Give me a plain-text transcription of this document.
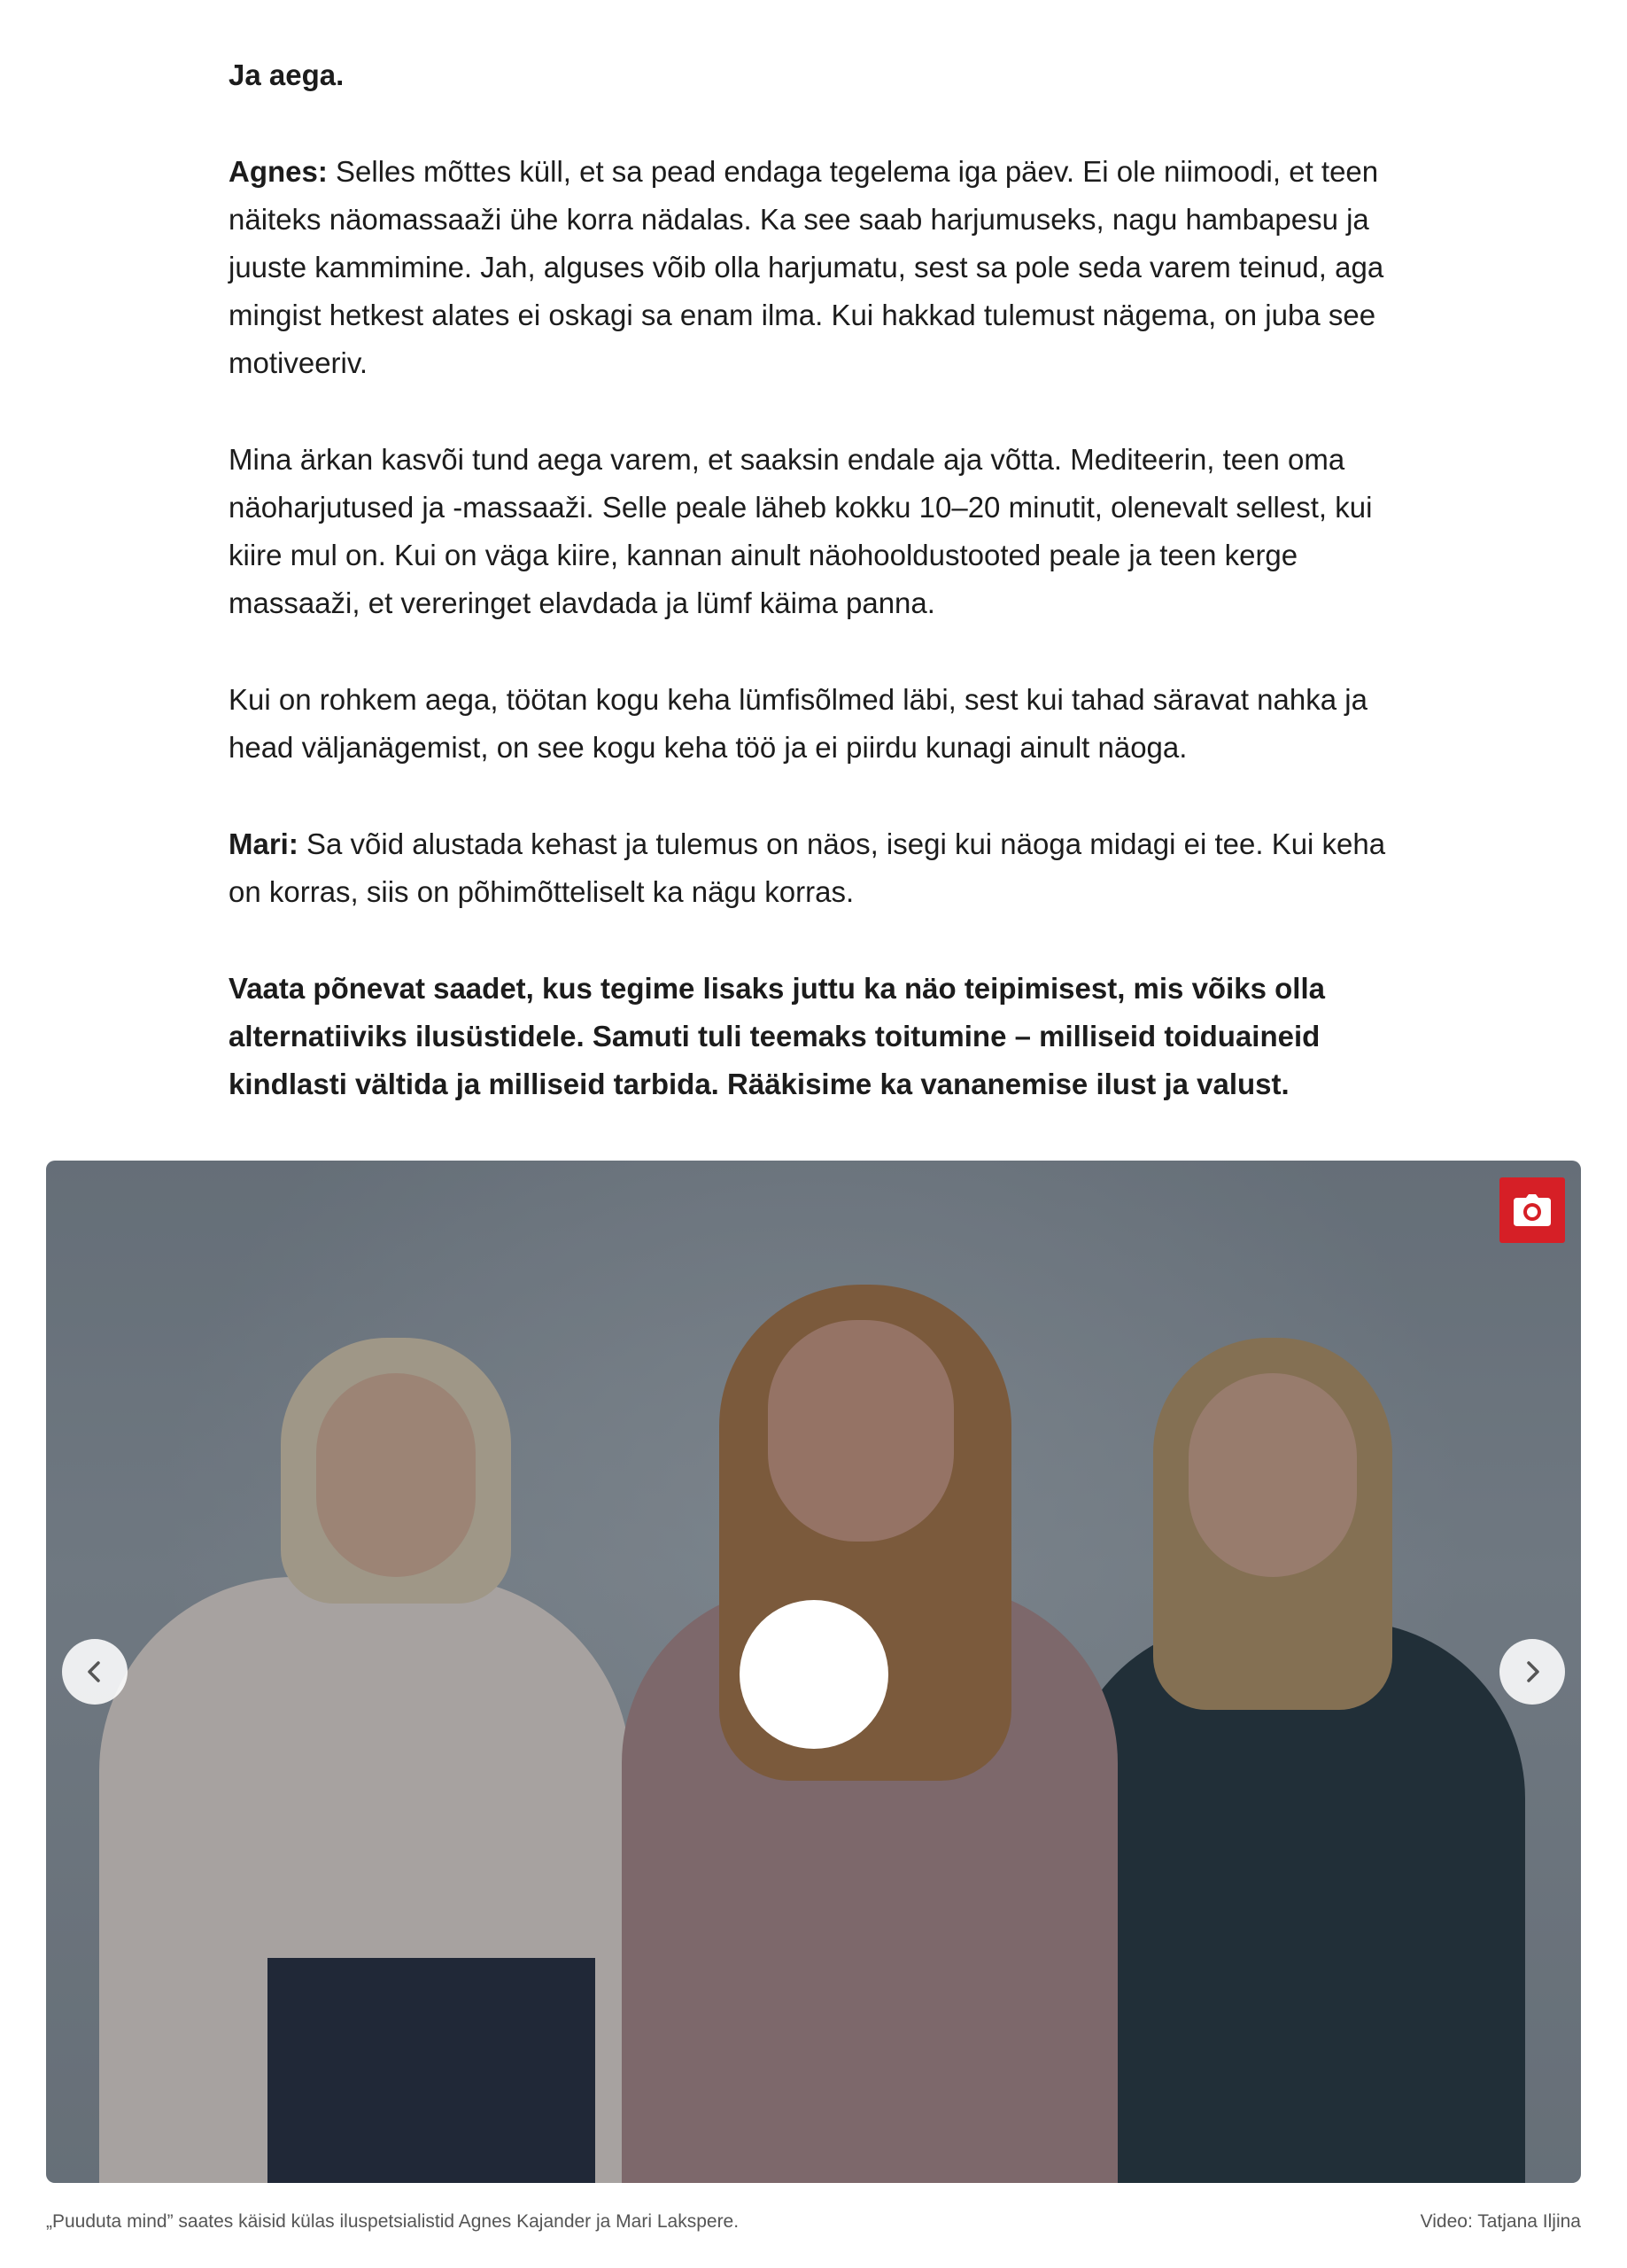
Ja aega.

Agnes: Selles mõttes küll, et sa pead endaga tegelema iga päev. Ei ole niimoodi, et teen näiteks näomassaaži ühe korra nädalas. Ka see saab harjumuseks, nagu hambapesu ja juuste kammimine. Jah, alguses võib olla harjumatu, sest sa pole seda varem teinud, aga mingist hetkest alates ei oskagi sa enam ilma. Kui hakkad tulemust nägema, on juba see motiveeriv.

Mina ärkan kasvõi tund aega varem, et saaksin endale aja võtta. Mediteerin, teen oma näoharjutused ja -massaaži. Selle peale läheb kokku 10–20 minutit, olenevalt sellest, kui kiire mul on. Kui on väga kiire, kannan ainult näohooldustooted peale ja teen kerge massaaži, et vereringet elavdada ja lümf käima panna.

Kui on rohkem aega, töötan kogu keha lümfisõlmed läbi, sest kui tahad säravat nahka ja head väljanägemist, on see kogu keha töö ja ei piirdu kunagi ainult näoga.

Mari: Sa võid alustada kehast ja tulemus on näos, isegi kui näoga midagi ei tee. Kui keha on korras, siis on põhimõtteliselt ka nägu korras.

Vaata põnevat saadet, kus tegime lisaks juttu ka näo teipimisest, mis võiks olla alternatiiviks ilusüstidele. Samuti tuli teemaks toitumine – milliseid toiduaineid kindlasti vältida ja milliseid tarbida. Rääkisime ka vananemise ilust ja valust.

„Puuduta mind” saates käisid külas iluspetsialistid Agnes Kajander ja Mari Lakspere.	Video: Tatjana Iljina
